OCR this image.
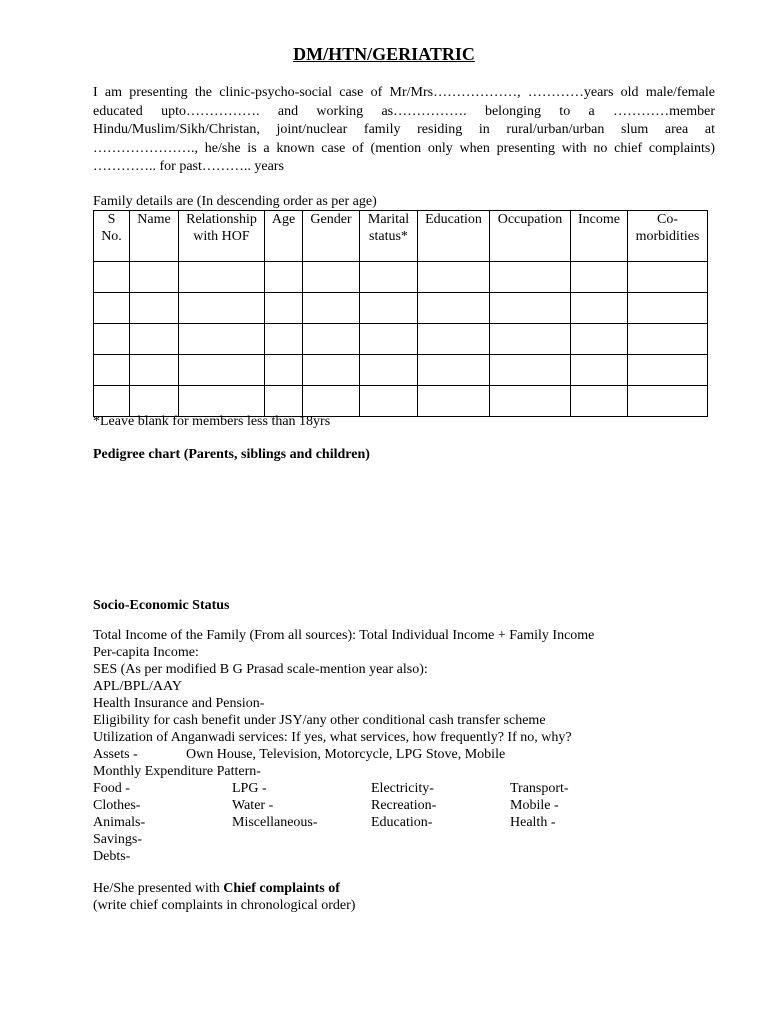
DM/HTN/GERIATRIC

I am presenting the clinic-psycho-social case of Mr/Mrs………………, …………years old male/female educated upto……………. and working as……………. belonging to a …………member Hindu/Muslim/Sikh/Christan, joint/nuclear family residing in rural/urban/urban slum area at …………………., he/she is a known case of (mention only when presenting with no chief complaints) ………….. for past……….. years

Family details are (In descending order as per age)
S No.	Name	Relationship with HOF	Age	Gender	Marital status*	Education	Occupation	Income	Co-morbidities

*Leave blank for members less than 18yrs
Pedigree chart (Parents, siblings and children)
Socio-Economic Status
Total Income of the Family (From all sources): Total Individual Income + Family Income
Per-capita Income:
SES (As per modified B G Prasad scale-mention year also):
APL/BPL/AAY
Health Insurance and Pension-
Eligibility for cash benefit under JSY/any other conditional cash transfer scheme
Utilization of Anganwadi services: If yes, what services, how frequently? If no, why?
Assets -	Own House, Television, Motorcycle, LPG Stove, Mobile
Monthly Expenditure Pattern-
Food -	LPG -	Electricity-	Transport-
Clothes-	Water -	Recreation-	Mobile -
Animals-	Miscellaneous-	Education-	Health -
Savings-
Debts-
He/She presented with Chief complaints of
(write chief complaints in chronological order)
